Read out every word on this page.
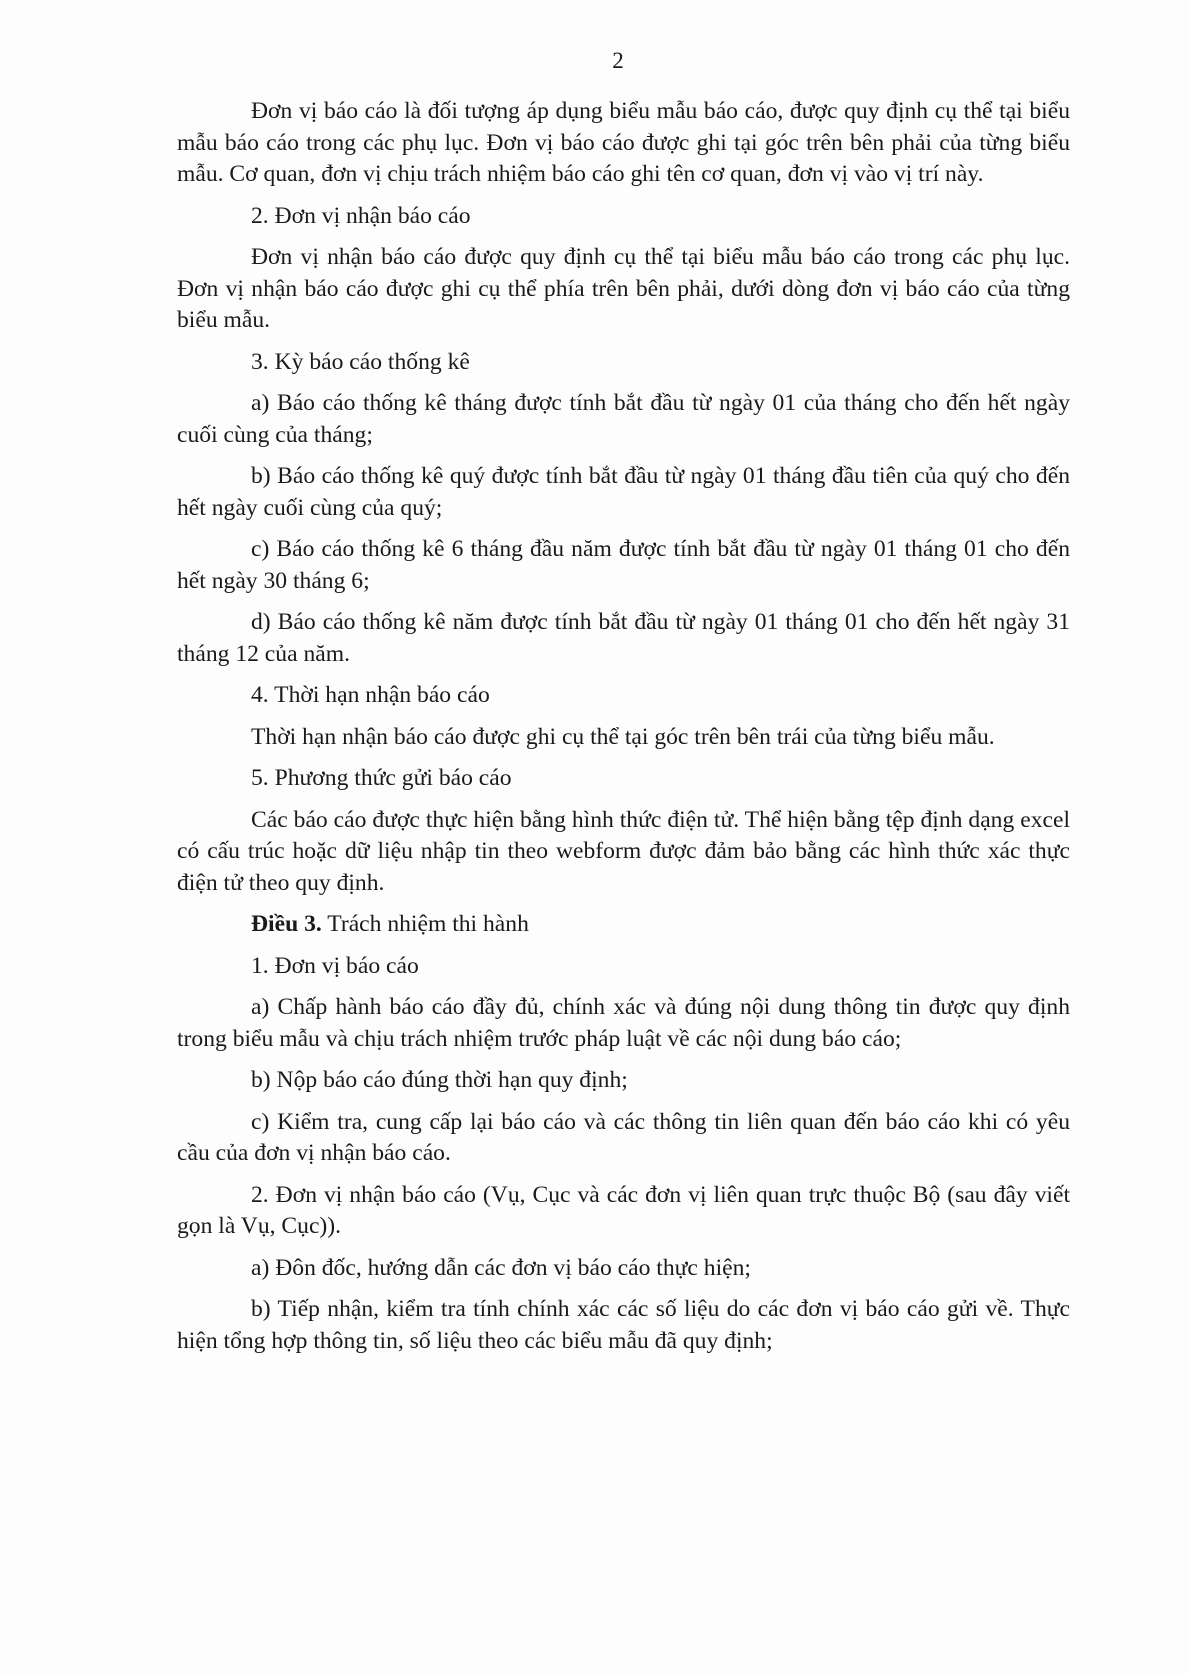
2

Đơn vị báo cáo là đối tượng áp dụng biểu mẫu báo cáo, được quy định cụ thể tại biểu mẫu báo cáo trong các phụ lục. Đơn vị báo cáo được ghi tại góc trên bên phải của từng biểu mẫu. Cơ quan, đơn vị chịu trách nhiệm báo cáo ghi tên cơ quan, đơn vị vào vị trí này.

2. Đơn vị nhận báo cáo

Đơn vị nhận báo cáo được quy định cụ thể tại biểu mẫu báo cáo trong các phụ lục. Đơn vị nhận báo cáo được ghi cụ thể phía trên bên phải, dưới dòng đơn vị báo cáo của từng biểu mẫu.

3. Kỳ báo cáo thống kê

a) Báo cáo thống kê tháng được tính bắt đầu từ ngày 01 của tháng cho đến hết ngày cuối cùng của tháng;

b) Báo cáo thống kê quý được tính bắt đầu từ ngày 01 tháng đầu tiên của quý cho đến hết ngày cuối cùng của quý;

c) Báo cáo thống kê 6 tháng đầu năm được tính bắt đầu từ ngày 01 tháng 01 cho đến hết ngày 30 tháng 6;

d) Báo cáo thống kê năm được tính bắt đầu từ ngày 01 tháng 01 cho đến hết ngày 31 tháng 12 của năm.

4. Thời hạn nhận báo cáo

Thời hạn nhận báo cáo được ghi cụ thể tại góc trên bên trái của từng biểu mẫu.

5. Phương thức gửi báo cáo

Các báo cáo được thực hiện bằng hình thức điện tử. Thể hiện bằng tệp định dạng excel có cấu trúc hoặc dữ liệu nhập tin theo webform được đảm bảo bằng các hình thức xác thực điện tử theo quy định.

Điều 3. Trách nhiệm thi hành

1. Đơn vị báo cáo

a) Chấp hành báo cáo đầy đủ, chính xác và đúng nội dung thông tin được quy định trong biểu mẫu và chịu trách nhiệm trước pháp luật về các nội dung báo cáo;

b) Nộp báo cáo đúng thời hạn quy định;

c) Kiểm tra, cung cấp lại báo cáo và các thông tin liên quan đến báo cáo khi có yêu cầu của đơn vị nhận báo cáo.

2. Đơn vị nhận báo cáo (Vụ, Cục và các đơn vị liên quan trực thuộc Bộ (sau đây viết gọn là Vụ, Cục)).

a) Đôn đốc, hướng dẫn các đơn vị báo cáo thực hiện;

b) Tiếp nhận, kiểm tra tính chính xác các số liệu do các đơn vị báo cáo gửi về. Thực hiện tổng hợp thông tin, số liệu theo các biểu mẫu đã quy định;
